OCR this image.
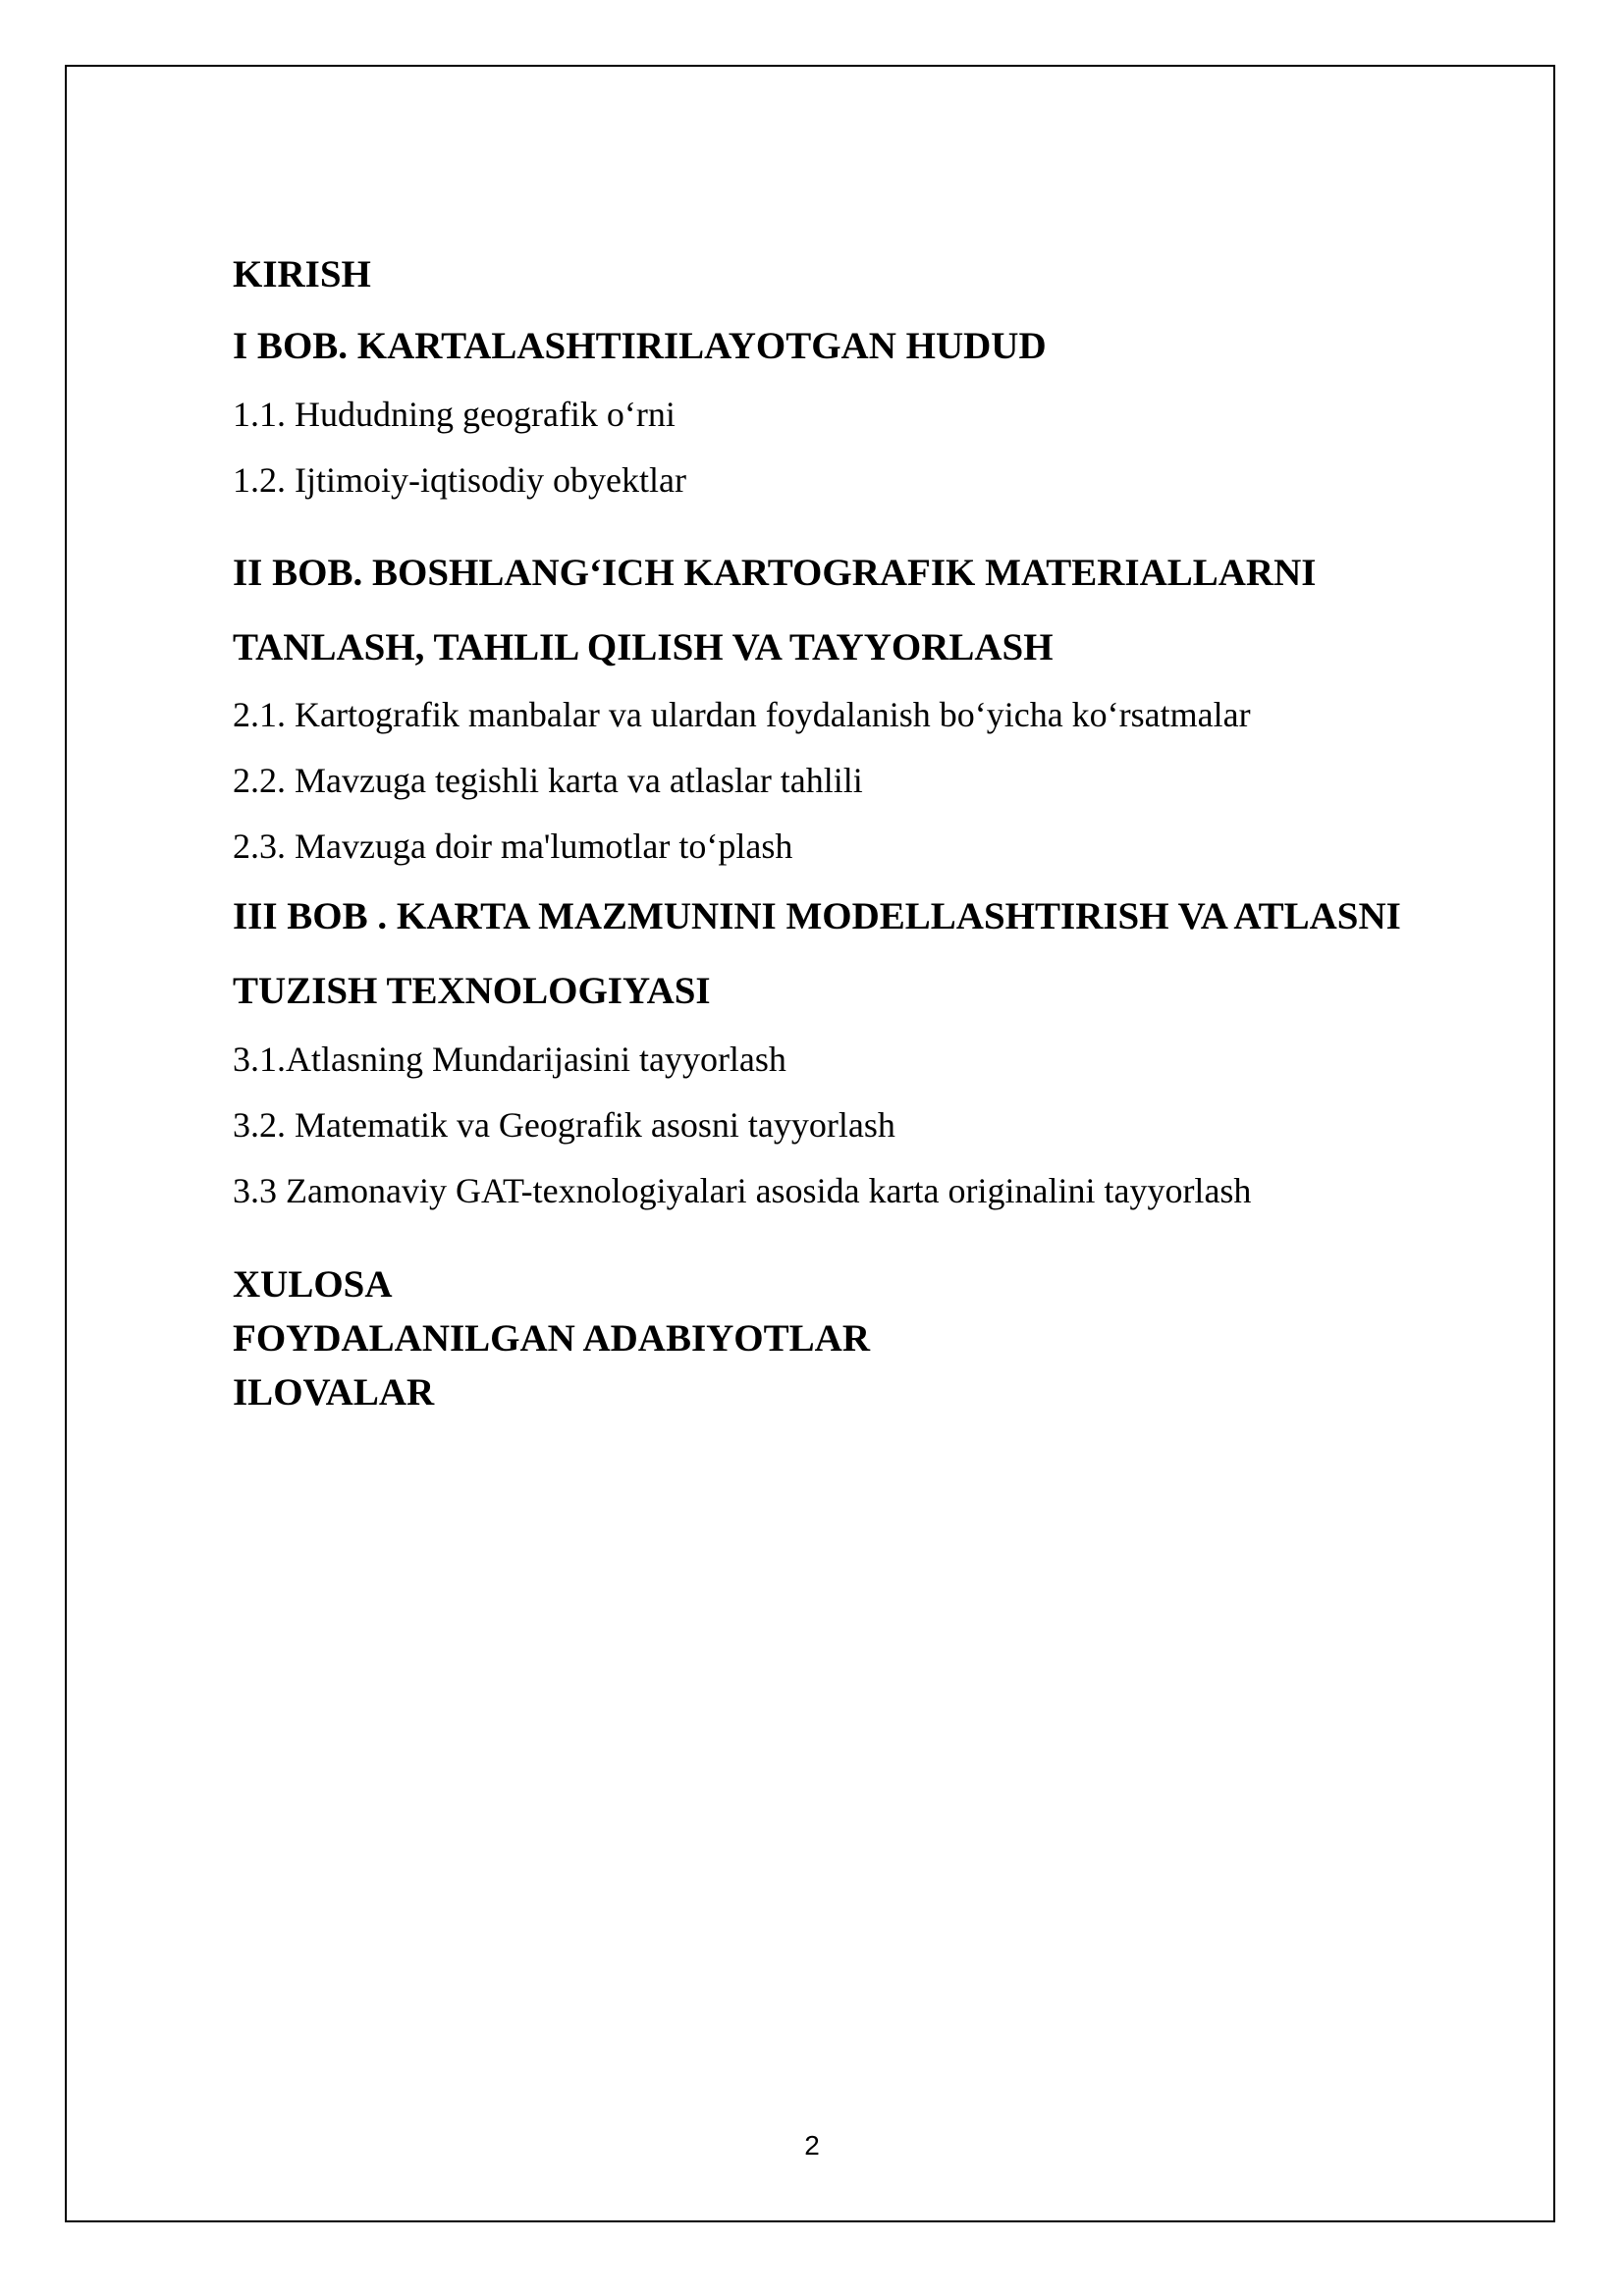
KIRISH
I BOB. KARTALASHTIRILAYOTGAN HUDUD
1.1. Hududning geografik o‘rni
1.2. Ijtimoiy-iqtisodiy obyektlar
II BOB. BOSHLANG‘ICH KARTOGRAFIK MATERIALLARNI
TANLASH, TAHLIL QILISH VA TAYYORLASH
2.1. Kartografik manbalar va ulardan foydalanish bo‘yicha ko‘rsatmalar
2.2. Mavzuga tegishli karta va atlaslar tahlili
2.3. Mavzuga doir ma'lumotlar to‘plash
III BOB . KARTA MAZMUNINI MODELLASHTIRISH VA ATLASNI
TUZISH TEXNOLOGIYASI
3.1.Atlasning Mundarijasini tayyorlash
3.2. Matematik va Geografik asosni tayyorlash
3.3 Zamonaviy GAT-texnologiyalari asosida karta originalini tayyorlash
XULOSA
FOYDALANILGAN ADABIYOTLAR
ILOVALAR
2
